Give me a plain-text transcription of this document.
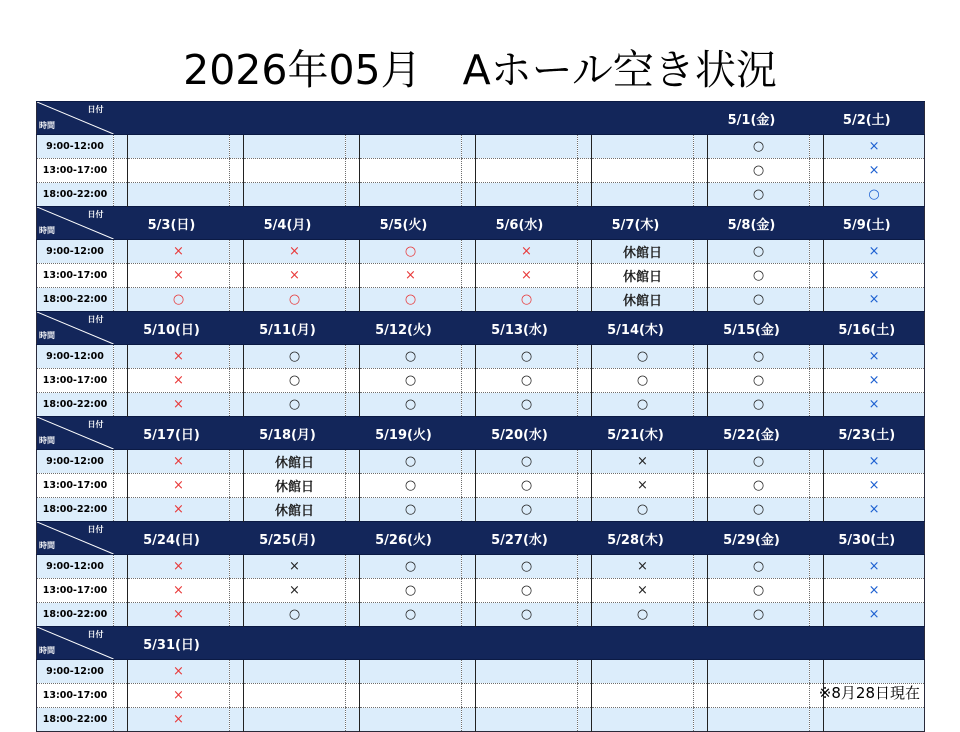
2026年05月　Aホール空き状況
日付
時間											5/1(金)		5/2(土)	
9:00-12:00												○		×
13:00-17:00												○		×
18:00-22:00												○		○

日付
時間	5/3(日)		5/4(月)		5/5(火)		5/6(水)		5/7(木)		5/8(金)		5/9(土)	
9:00-12:00		×		×		○		×		休館日		○		×
13:00-17:00		×		×		×		×		休館日		○		×
18:00-22:00		○		○		○		○		休館日		○		×

日付
時間	5/10(日)		5/11(月)		5/12(火)		5/13(水)		5/14(木)		5/15(金)		5/16(土)	
9:00-12:00		×		○		○		○		○		○		×
13:00-17:00		×		○		○		○		○		○		×
18:00-22:00		×		○		○		○		○		○		×

日付
時間	5/17(日)		5/18(月)		5/19(火)		5/20(水)		5/21(木)		5/22(金)		5/23(土)	
9:00-12:00		×		休館日		○		○		×		○		×
13:00-17:00		×		休館日		○		○		×		○		×
18:00-22:00		×		休館日		○		○		○		○		×

日付
時間	5/24(日)		5/25(月)		5/26(火)		5/27(水)		5/28(木)		5/29(金)		5/30(土)	
9:00-12:00		×		×		○		○		×		○		×
13:00-17:00		×		×		○		○		×		○		×
18:00-22:00		×		○		○		○		○		○		×

日付
時間	5/31(日)													
9:00-12:00		×												
13:00-17:00		×												
18:00-22:00		×												
※8月28日現在
